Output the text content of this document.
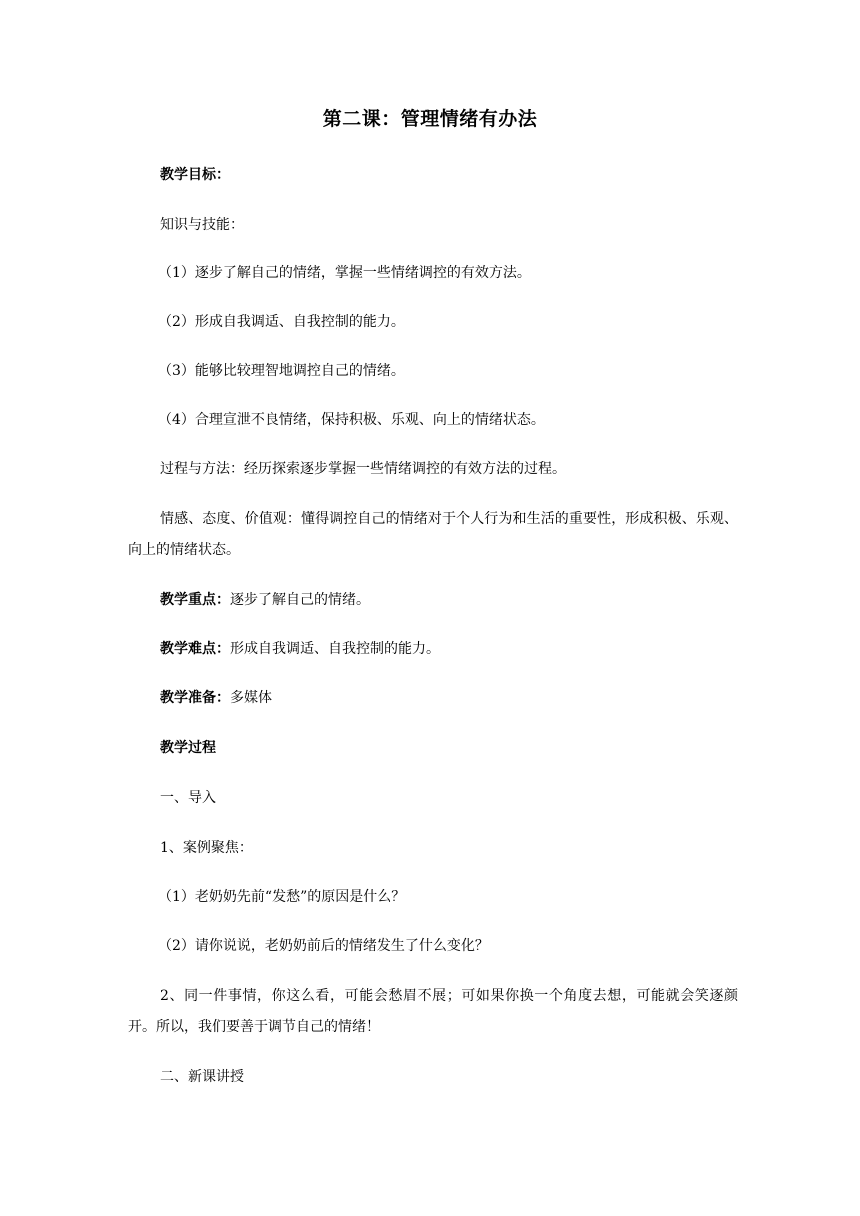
第二课：管理情绪有办法
教学目标：
知识与技能：
（1）逐步了解自己的情绪，掌握一些情绪调控的有效方法。
（2）形成自我调适、自我控制的能力。
（3）能够比较理智地调控自己的情绪。
（4）合理宣泄不良情绪，保持积极、乐观、向上的情绪状态。
过程与方法：经历探索逐步掌握一些情绪调控的有效方法的过程。
情感、态度、价值观：懂得调控自己的情绪对于个人行为和生活的重要性，形成积极、乐观、向上的情绪状态。
教学重点：逐步了解自己的情绪。
教学难点：形成自我调适、自我控制的能力。
教学准备：多媒体
教学过程
一、导入
1、案例聚焦：
（1）老奶奶先前“发愁”的原因是什么？
（2）请你说说，老奶奶前后的情绪发生了什么变化？
2、同一件事情，你这么看，可能会愁眉不展；可如果你换一个角度去想，可能就会笑逐颜开。所以，我们要善于调节自己的情绪！
二、新课讲授
